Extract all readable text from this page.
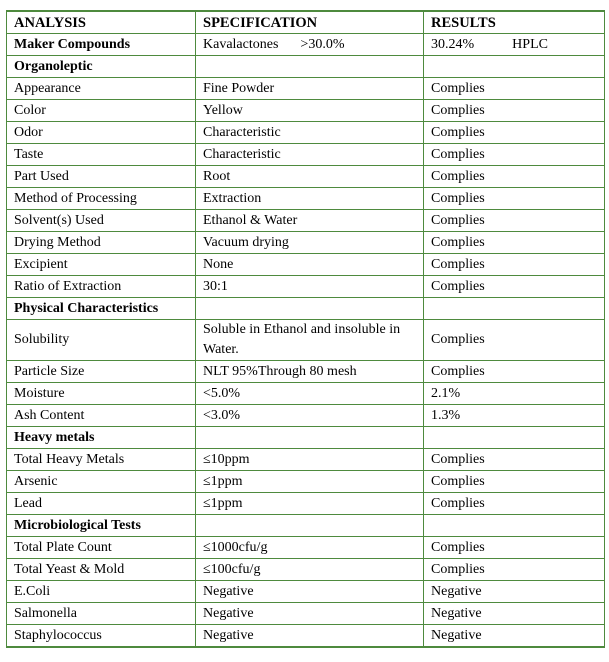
ANALYSIS	SPECIFICATION	RESULTS
Maker Compounds	Kavalactones >30.0%	30.24% HPLC
Organoleptic		
Appearance	Fine Powder	Complies
Color	Yellow	Complies
Odor	Characteristic	Complies
Taste	Characteristic	Complies
Part Used	Root	Complies
Method of Processing	Extraction	Complies
Solvent(s) Used	Ethanol & Water	Complies
Drying Method	Vacuum drying	Complies
Excipient	None	Complies
Ratio of Extraction	30:1	Complies
Physical Characteristics		
Solubility	Soluble in Ethanol and insoluble in Water.	Complies
Particle Size	NLT 95%Through 80 mesh	Complies
Moisture	<5.0%	2.1%
Ash Content	<3.0%	1.3%
Heavy metals		
Total Heavy Metals	≤10ppm	Complies
Arsenic	≤1ppm	Complies
Lead	≤1ppm	Complies
Microbiological Tests		
Total Plate Count	≤1000cfu/g	Complies
Total Yeast & Mold	≤100cfu/g	Complies
E.Coli	Negative	Negative
Salmonella	Negative	Negative
Staphylococcus	Negative	Negative
